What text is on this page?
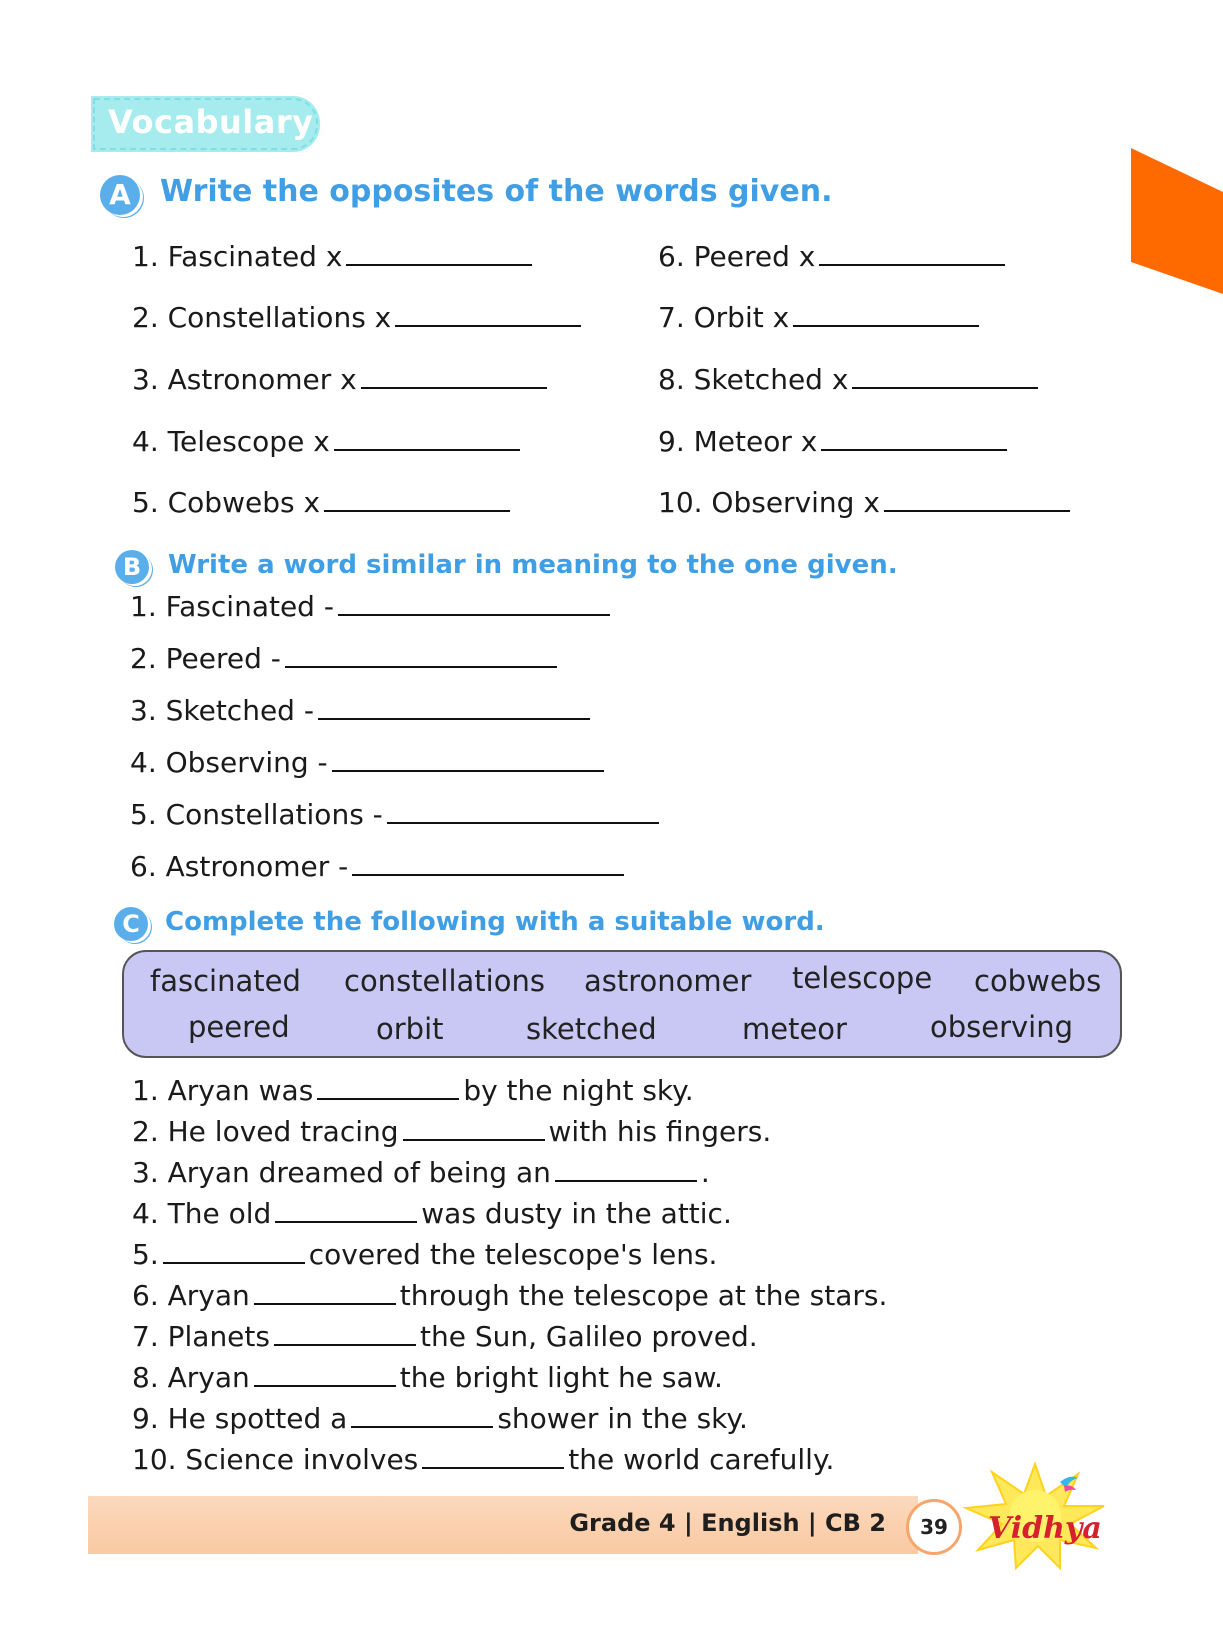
Vocabulary
A Write the opposites of the words given.
1. Fascinated x
2. Constellations x
3. Astronomer x
4. Telescope x
5. Cobwebs x
6. Peered x
7. Orbit x
8. Sketched x
9. Meteor x
10. Observing x
B	Write a word similar in meaning to the one given.
1. Fascinated -
2. Peered -
3. Sketched -
4. Observing -
5. Constellations -
6. Astronomer -
C Complete the following with a suitable word.
fascinated constellations astronomer telescope cobwebs
peered	orbit	sketched	meteor	observing
1. Aryan was	by the night sky.
2. He loved tracing	with his fingers.
3. Aryan dreamed of being an	.
4. The old	was dusty in the attic.
5.	covered the telescope's lens.
6. Aryan	through the telescope at the stars.
7. Planets	the Sun, Galileo proved.
8. Aryan	the bright light he saw.
9. He spotted a	shower in the sky.
10. Science involves	the world carefully.
Grade 4 | English | CB 2	39	Vidhya
